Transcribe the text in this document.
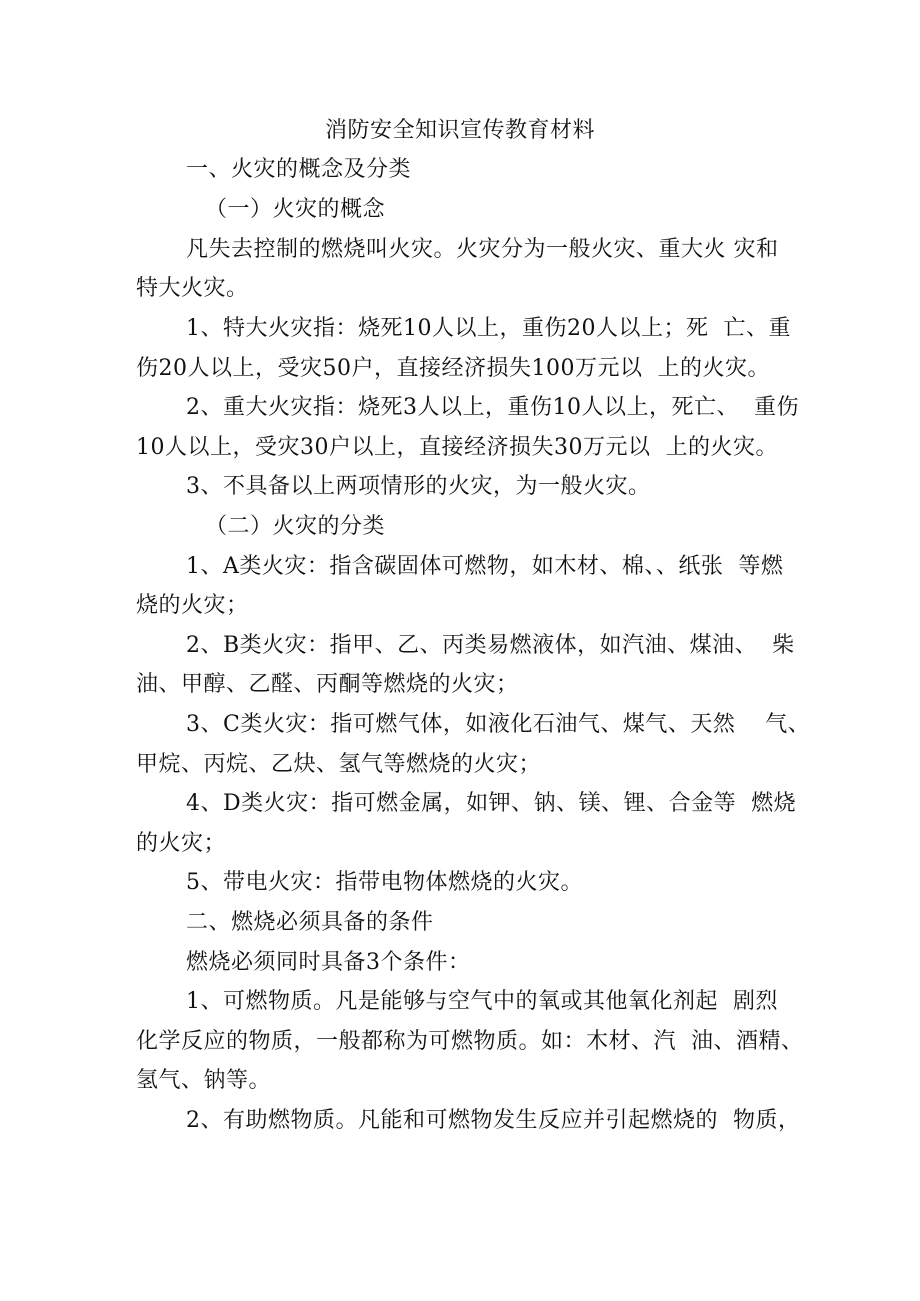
消防安全知识宣传教育材料
一、火灾的概念及分类
（一）火灾的概念
凡失去控制的燃烧叫火灾。火灾分为一般火灾、重大火 灾和
特大火灾。
1、特大火灾指：烧死10人以上，重伤20人以上；死  亡、重
伤20人以上，受灾50户，直接经济损失100万元以  上的火灾。
2、重大火灾指：烧死3人以上，重伤10人以上，死亡、  重伤
10人以上，受灾30户以上，直接经济损失30万元以  上的火灾。
3、不具备以上两项情形的火灾，为一般火灾。
（二）火灾的分类
1、A类火灾：指含碳固体可燃物，如木材、棉、、纸张  等燃
烧的火灾；
2、B类火灾：指甲、乙、丙类易燃液体，如汽油、煤油、  柴
油、甲醇、乙醛、丙酮等燃烧的火灾；
3、C类火灾：指可燃气体，如液化石油气、煤气、天然    气、
甲烷、丙烷、乙炔、氢气等燃烧的火灾；
4、D类火灾：指可燃金属，如钾、钠、镁、锂、合金等  燃烧
的火灾；
5、带电火灾：指带电物体燃烧的火灾。
二、燃烧必须具备的条件
燃烧必须同时具备3个条件：
1、可燃物质。凡是能够与空气中的氧或其他氧化剂起  剧烈
化学反应的物质，一般都称为可燃物质。如：木材、汽  油、酒精、
氢气、钠等。
2、有助燃物质。凡能和可燃物发生反应并引起燃烧的  物质，
